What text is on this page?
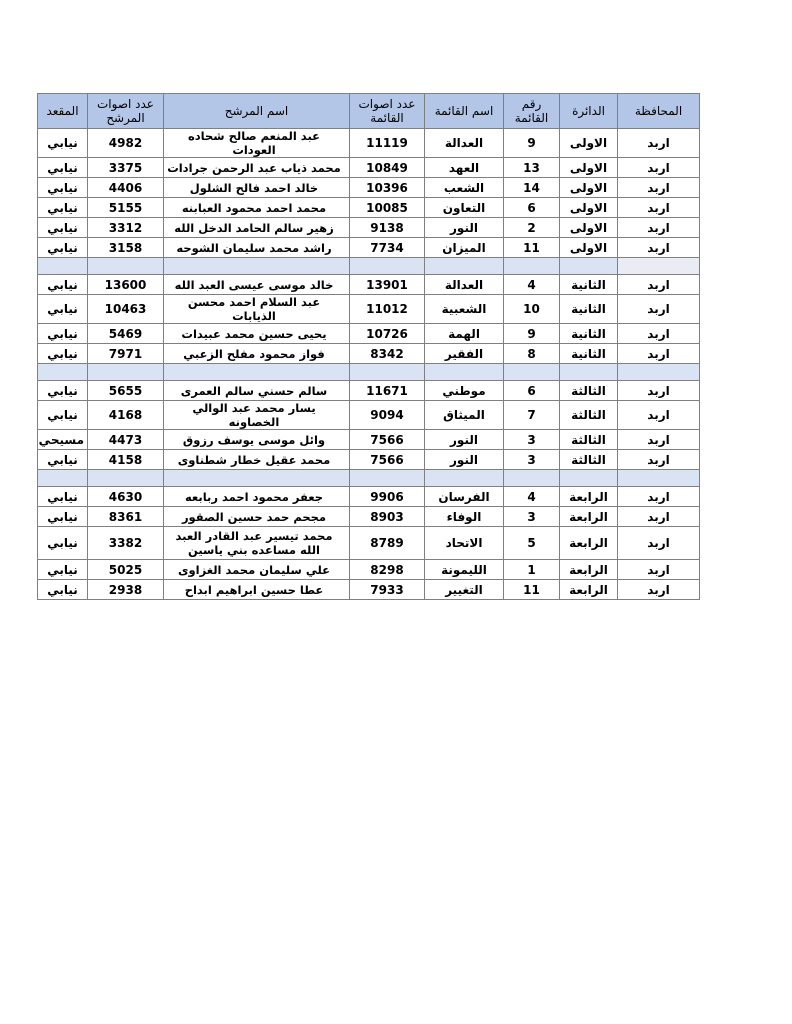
المحافظة	الدائرة	رقم القائمة	اسم القائمة	عدد اصوات القائمة	اسم المرشح	عدد اصوات المرشح	المقعد
اربد	الاولى	9	العدالة	11119	عبد المنعم صالح شحاده العودات	4982	نيابي
اربد	الاولى	13	العهد	10849	محمد ذياب عبد الرحمن جرادات	3375	نيابي
اربد	الاولى	14	الشعب	10396	خالد احمد فالح الشلول	4406	نيابي
اربد	الاولى	6	التعاون	10085	محمد احمد محمود العبابنه	5155	نيابي
اربد	الاولى	2	النور	9138	زهير سالم الحامد الدخل الله	3312	نيابي
اربد	الاولى	11	الميزان	7734	راشد محمد سليمان الشوحه	3158	نيابي

اربد	الثانية	4	العدالة	13901	خالد موسى عيسى العبد الله	13600	نيابي
اربد	الثانية	10	الشعبية	11012	عبد السلام احمد محسن الذيابات	10463	نيابي
اربد	الثانية	9	الهمة	10726	يحيى حسين محمد عبيدات	5469	نيابي
اربد	الثانية	8	الفقير	8342	فواز محمود مفلح الزعبي	7971	نيابي

اربد	الثالثة	6	موطني	11671	سالم حسني سالم العمرى	5655	نيابي
اربد	الثالثة	7	الميثاق	9094	يسار محمد عبد الوالي الخصاونه	4168	نيابي
اربد	الثالثة	3	النور	7566	وائل موسى يوسف رزوق	4473	مسيحي
اربد	الثالثة	3	النور	7566	محمد عقيل خطار شطناوى	4158	نيابي

اربد	الرابعة	4	الفرسان	9906	جعفر محمود احمد ربابعه	4630	نيابي
اربد	الرابعة	3	الوفاء	8903	مجحم حمد حسين الصقور	8361	نيابي
اربد	الرابعة	5	الاتحاد	8789	محمد تيسير عبد القادر العبد الله مساعده بني ياسين	3382	نيابي
اربد	الرابعة	1	الليمونة	8298	علي سليمان محمد الغزاوى	5025	نيابي
اربد	الرابعة	11	التغيير	7933	عطا حسين ابراهيم ابداح	2938	نيابي
